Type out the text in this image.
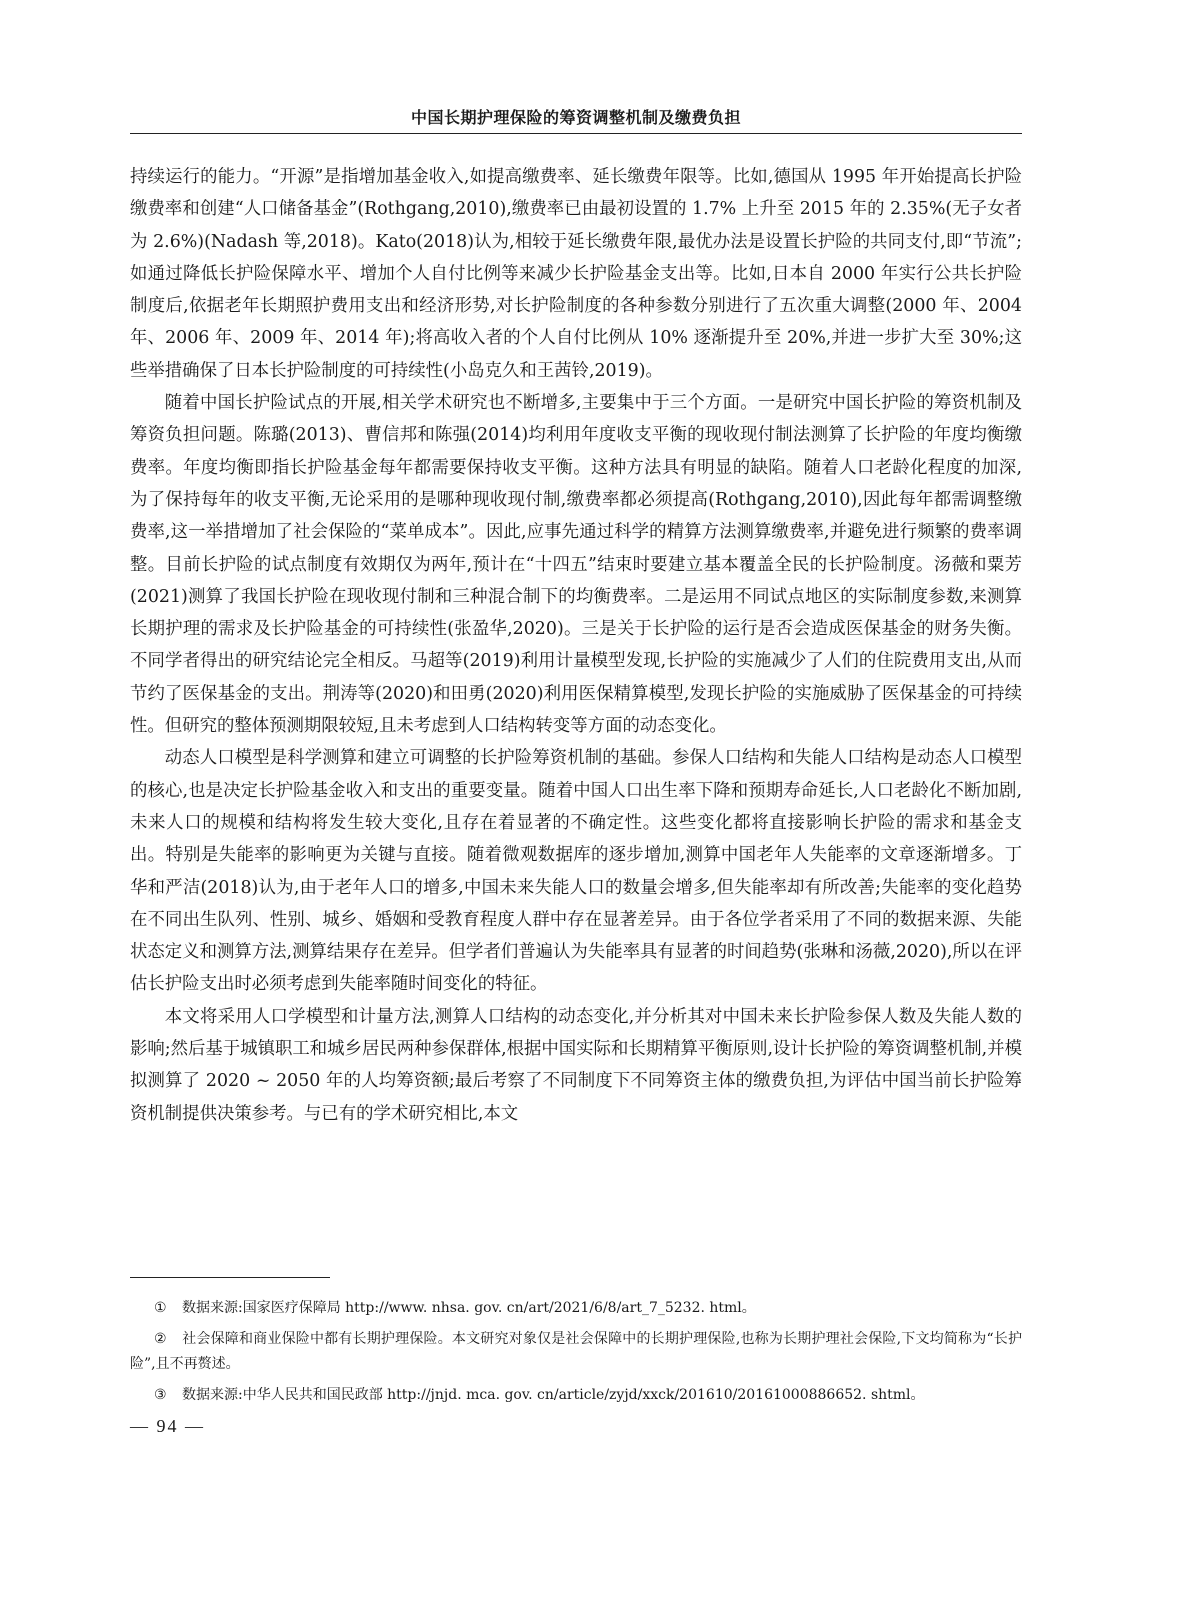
中国长期护理保险的筹资调整机制及缴费负担

持续运行的能力。“开源”是指增加基金收入,如提高缴费率、延长缴费年限等。比如,德国从 1995 年开始提高长护险缴费率和创建“人口储备基金”(Rothgang,2010),缴费率已由最初设置的 1.7% 上升至 2015 年的 2.35%(无子女者为 2.6%)(Nadash 等,2018)。Kato(2018)认为,相较于延长缴费年限,最优办法是设置长护险的共同支付,即“节流”;如通过降低长护险保障水平、增加个人自付比例等来减少长护险基金支出等。比如,日本自 2000 年实行公共长护险制度后,依据老年长期照护费用支出和经济形势,对长护险制度的各种参数分别进行了五次重大调整(2000 年、2004 年、2006 年、2009 年、2014 年);将高收入者的个人自付比例从 10% 逐渐提升至 20%,并进一步扩大至 30%;这些举措确保了日本长护险制度的可持续性(小岛克久和王茜铃,2019)。

随着中国长护险试点的开展,相关学术研究也不断增多,主要集中于三个方面。一是研究中国长护险的筹资机制及筹资负担问题。陈璐(2013)、曹信邦和陈强(2014)均利用年度收支平衡的现收现付制法测算了长护险的年度均衡缴费率。年度均衡即指长护险基金每年都需要保持收支平衡。这种方法具有明显的缺陷。随着人口老龄化程度的加深,为了保持每年的收支平衡,无论采用的是哪种现收现付制,缴费率都必须提高(Rothgang,2010),因此每年都需调整缴费率,这一举措增加了社会保险的“菜单成本”。因此,应事先通过科学的精算方法测算缴费率,并避免进行频繁的费率调整。目前长护险的试点制度有效期仅为两年,预计在“十四五”结束时要建立基本覆盖全民的长护险制度。汤薇和粟芳(2021)测算了我国长护险在现收现付制和三种混合制下的均衡费率。二是运用不同试点地区的实际制度参数,来测算长期护理的需求及长护险基金的可持续性(张盈华,2020)。三是关于长护险的运行是否会造成医保基金的财务失衡。不同学者得出的研究结论完全相反。马超等(2019)利用计量模型发现,长护险的实施减少了人们的住院费用支出,从而节约了医保基金的支出。荆涛等(2020)和田勇(2020)利用医保精算模型,发现长护险的实施威胁了医保基金的可持续性。但研究的整体预测期限较短,且未考虑到人口结构转变等方面的动态变化。

动态人口模型是科学测算和建立可调整的长护险筹资机制的基础。参保人口结构和失能人口结构是动态人口模型的核心,也是决定长护险基金收入和支出的重要变量。随着中国人口出生率下降和预期寿命延长,人口老龄化不断加剧,未来人口的规模和结构将发生较大变化,且存在着显著的不确定性。这些变化都将直接影响长护险的需求和基金支出。特别是失能率的影响更为关键与直接。随着微观数据库的逐步增加,测算中国老年人失能率的文章逐渐增多。丁华和严洁(2018)认为,由于老年人口的增多,中国未来失能人口的数量会增多,但失能率却有所改善;失能率的变化趋势在不同出生队列、性别、城乡、婚姻和受教育程度人群中存在显著差异。由于各位学者采用了不同的数据来源、失能状态定义和测算方法,测算结果存在差异。但学者们普遍认为失能率具有显著的时间趋势(张琳和汤薇,2020),所以在评估长护险支出时必须考虑到失能率随时间变化的特征。

本文将采用人口学模型和计量方法,测算人口结构的动态变化,并分析其对中国未来长护险参保人数及失能人数的影响;然后基于城镇职工和城乡居民两种参保群体,根据中国实际和长期精算平衡原则,设计长护险的筹资调整机制,并模拟测算了 2020 ~ 2050 年的人均筹资额;最后考察了不同制度下不同筹资主体的缴费负担,为评估中国当前长护险筹资机制提供决策参考。与已有的学术研究相比,本文

① 数据来源:国家医疗保障局 http://www. nhsa. gov. cn/art/2021/6/8/art_7_5232. html。

② 社会保障和商业保险中都有长期护理保险。本文研究对象仅是社会保障中的长期护理保险,也称为长期护理社会保险,下文均简称为“长护险”,且不再赘述。

③ 数据来源:中华人民共和国民政部 http://jnjd. mca. gov. cn/article/zyjd/xxck/201610/20161000886652. shtml。

— 94 —
